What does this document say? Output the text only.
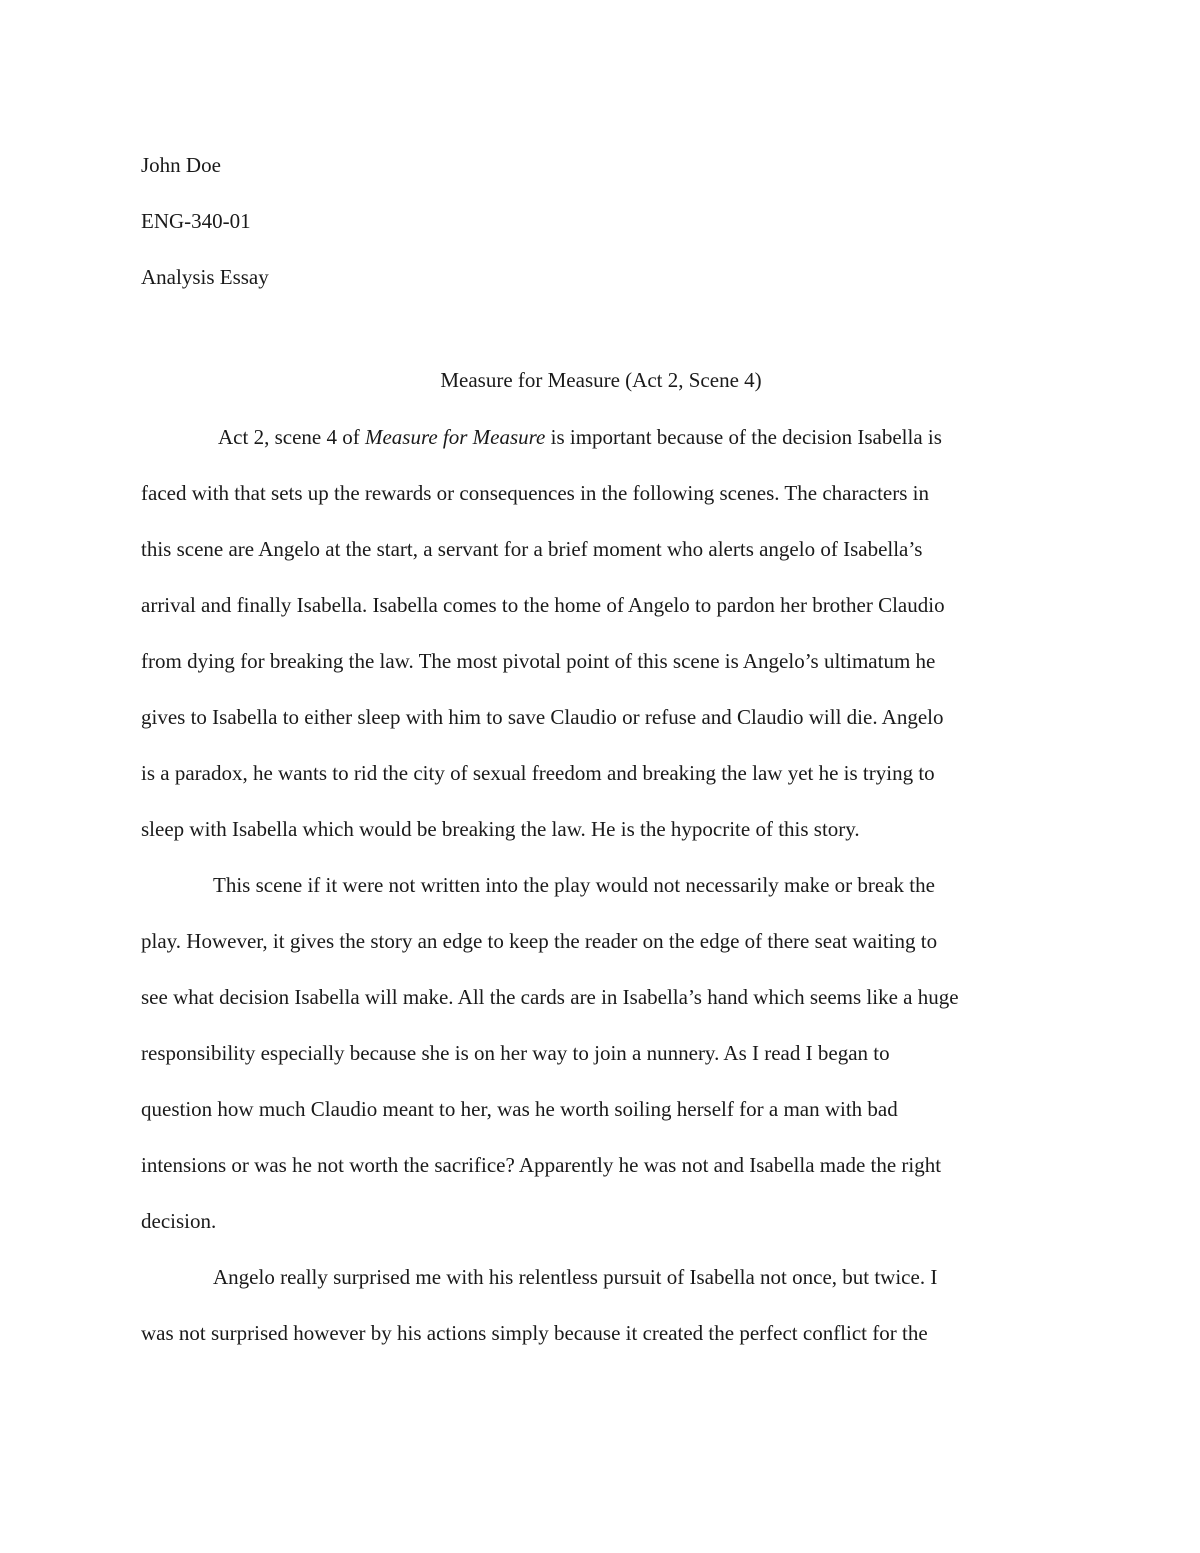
John Doe
ENG-340-01
Analysis Essay
Measure for Measure (Act 2, Scene 4)
Act 2, scene 4 of Measure for Measure is important because of the decision Isabella is
faced with that sets up the rewards or consequences in the following scenes. The characters in
this scene are Angelo at the start, a servant for a brief moment who alerts angelo of Isabella’s
arrival and finally Isabella. Isabella comes to the home of Angelo to pardon her brother Claudio
from dying for breaking the law. The most pivotal point of this scene is Angelo’s ultimatum he
gives to Isabella to either sleep with him to save Claudio or refuse and Claudio will die. Angelo
is a paradox, he wants to rid the city of sexual freedom and breaking the law yet he is trying to
sleep with Isabella which would be breaking the law. He is the hypocrite of this story.
This scene if it were not written into the play would not necessarily make or break the
play. However, it gives the story an edge to keep the reader on the edge of there seat waiting to
see what decision Isabella will make. All the cards are in Isabella’s hand which seems like a huge
responsibility especially because she is on her way to join a nunnery. As I read I began to
question how much Claudio meant to her, was he worth soiling herself for a man with bad
intensions or was he not worth the sacrifice? Apparently he was not and Isabella made the right
decision.
Angelo really surprised me with his relentless pursuit of Isabella not once, but twice. I
was not surprised however by his actions simply because it created the perfect conflict for the
